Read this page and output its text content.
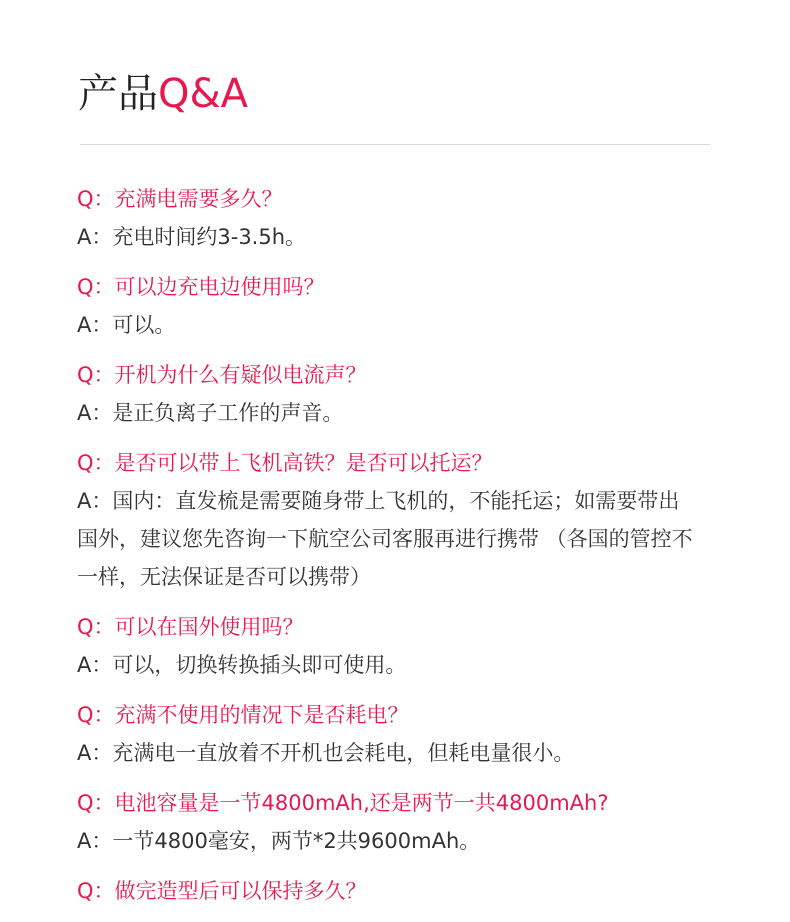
产品Q&A

Q：充满电需要多久？

A：充电时间约3-3.5h。

Q：可以边充电边使用吗？

A：可以。

Q：开机为什么有疑似电流声？

A：是正负离子工作的声音。

Q：是否可以带上飞机高铁？是否可以托运？

A：国内：直发梳是需要随身带上飞机的，不能托运；如需要带出国外，建议您先咨询一下航空公司客服再进行携带 （各国的管控不一样，无法保证是否可以携带）

Q：可以在国外使用吗？

A：可以，切换转换插头即可使用。

Q：充满不使用的情况下是否耗电？

A：充满电一直放着不开机也会耗电，但耗电量很小。

Q：电池容量是一节4800mAh,还是两节一共4800mAh?

A：一节4800毫安，两节*2共9600mAh。

Q：做完造型后可以保持多久？
